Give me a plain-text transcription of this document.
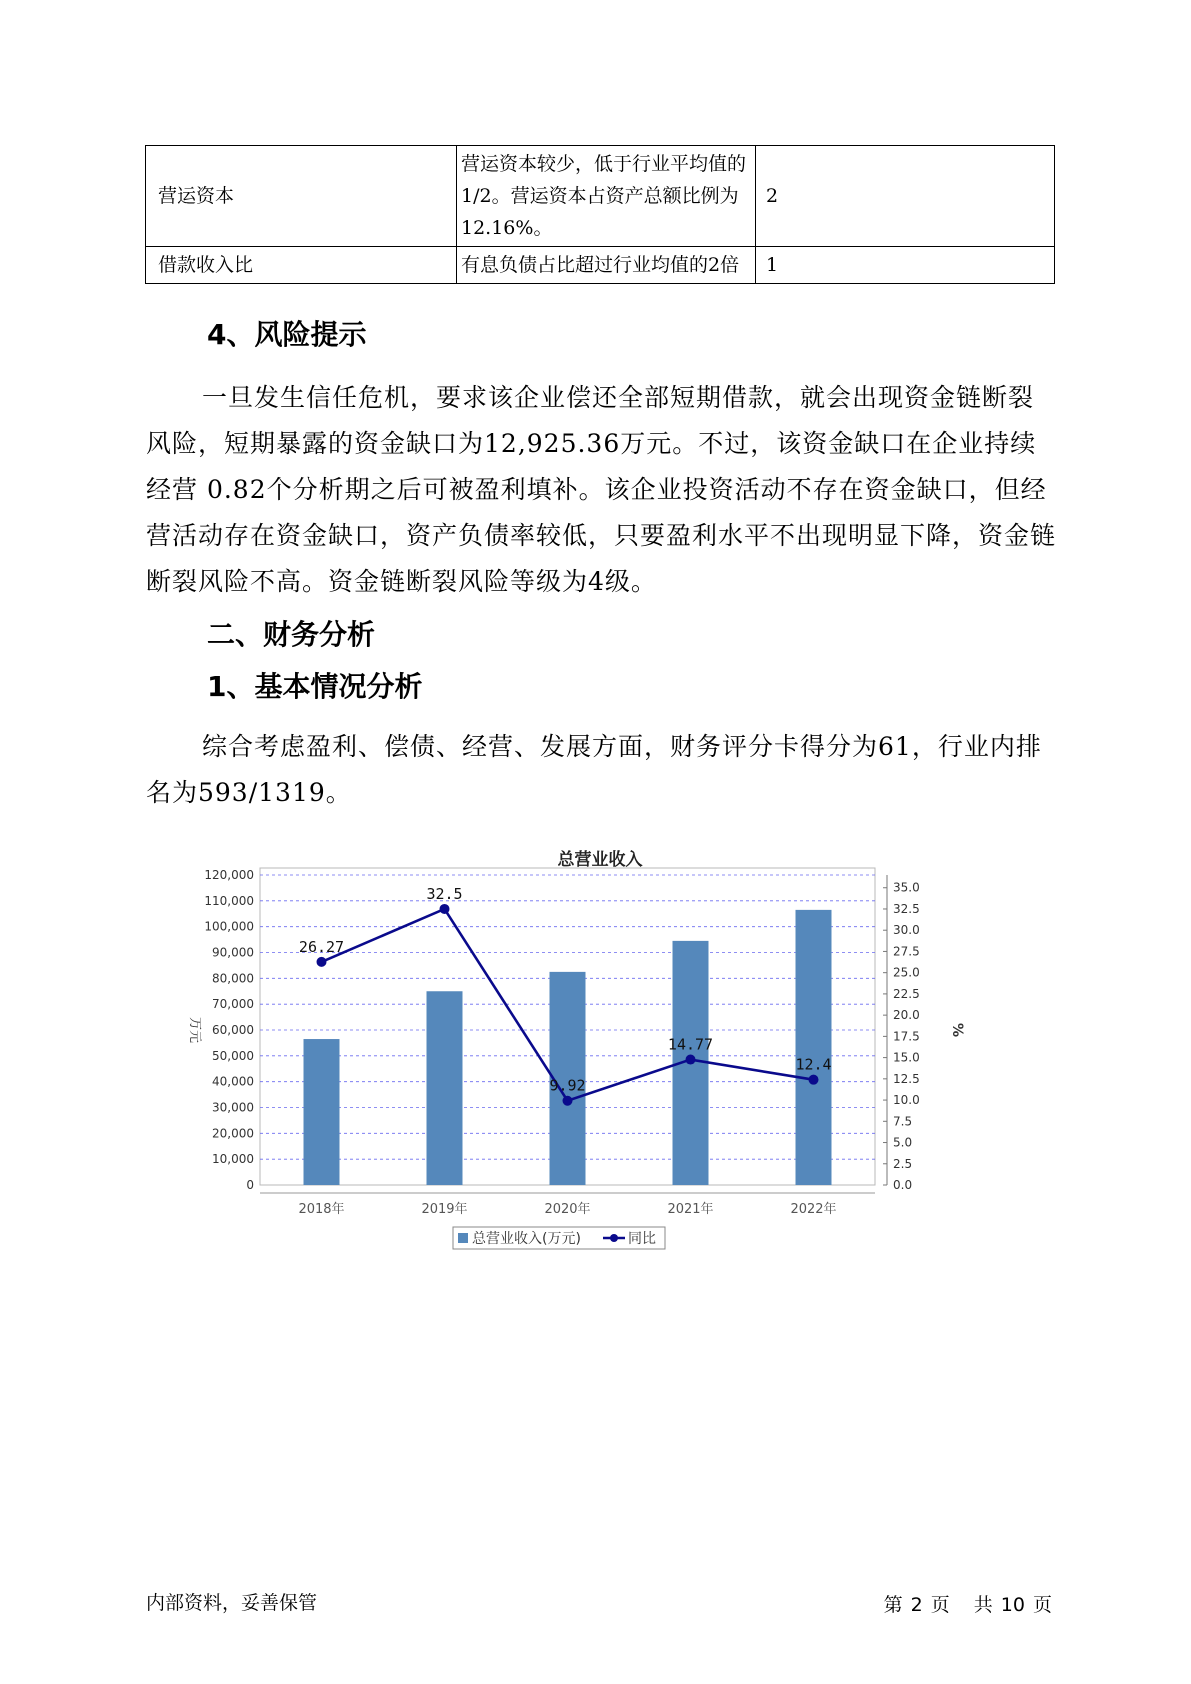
营运资本	营运资本较少，低于行业平均值的1/2。营运资本占资产总额比例为12.16%。	2
借款收入比	有息负债占比超过行业均值的2倍	1
4、风险提示

一旦发生信任危机，要求该企业偿还全部短期借款，就会出现资金链断裂风险，短期暴露的资金缺口为12,925.36万元。不过，该资金缺口在企业持续经营 0.82个分析期之后可被盈利填补。该企业投资活动不存在资金缺口，但经营活动存在资金缺口，资产负债率较低，只要盈利水平不出现明显下降，资金链断裂风险不高。资金链断裂风险等级为4级。

二、财务分析
1、基本情况分析

综合考虑盈利、偿债、经营、发展方面，财务评分卡得分为61，行业内排名为593/1319。

总营业收入
0
10,000
20,000
30,000
40,000
50,000
60,000
70,000
80,000
90,000
100,000
110,000
120,000
0.0
2.5
5.0
7.5
10.0
12.5
15.0
17.5
20.0
22.5
25.0
27.5
30.0
32.5
35.0
万元	%
2018年	2019年	2020年	2021年	2022年
26.27
32.5
9.92
14.77
12.4
总营业收入(万元)	同比
内部资料，妥善保管	第 2 页 共 10 页
